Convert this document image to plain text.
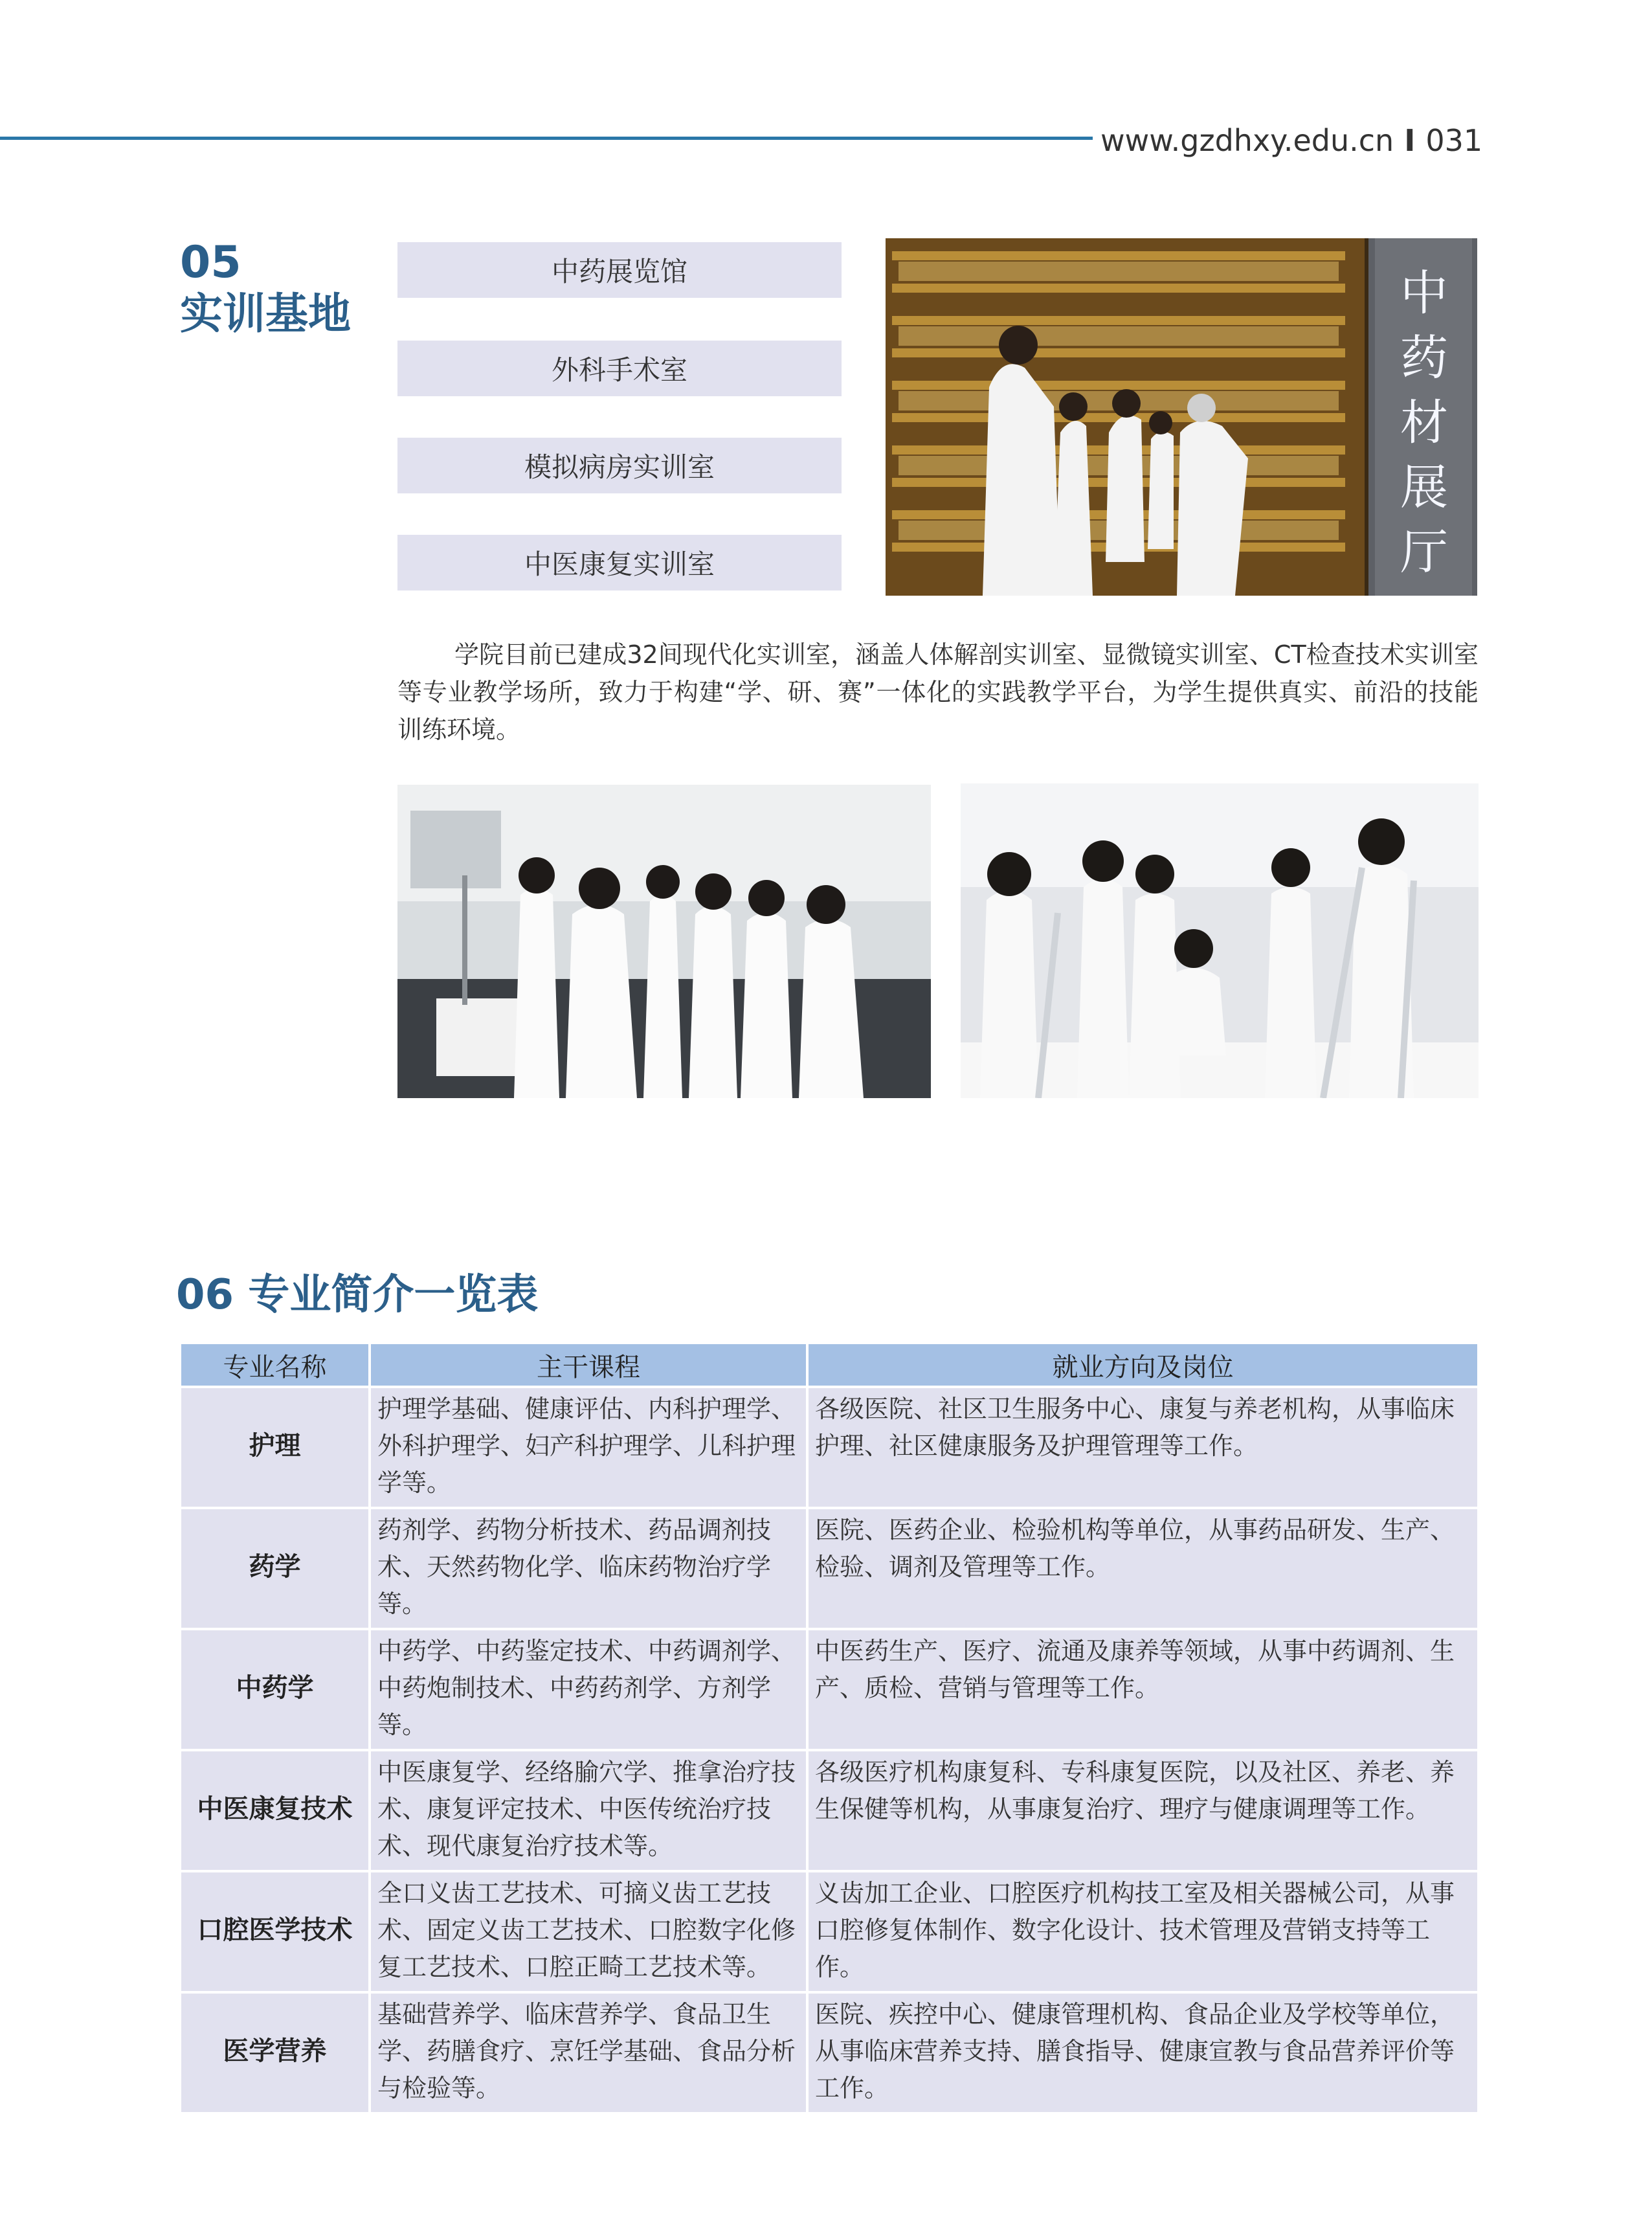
www.gzdhxy.edu.cn I 031
05
实训基地
中药展览馆
外科手术室
模拟病房实训室
中医康复实训室
中
药
材
展
厅
学院目前已建成32间现代化实训室，涵盖人体解剖实训室、显微镜实训室、CT检查技术实训室等专业教学场所，致力于构建“学、研、赛”一体化的实践教学平台，为学生提供真实、前沿的技能训练环境。
06 专业简介一览表
专业名称	主干课程	就业方向及岗位
护理	护理学基础、健康评估、内科护理学、外科护理学、妇产科护理学、儿科护理学等。	各级医院、社区卫生服务中心、康复与养老机构，从事临床护理、社区健康服务及护理管理等工作。
药学	药剂学、药物分析技术、药品调剂技术、天然药物化学、临床药物治疗学等。	医院、医药企业、检验机构等单位，从事药品研发、生产、检验、调剂及管理等工作。
中药学	中药学、中药鉴定技术、中药调剂学、中药炮制技术、中药药剂学、方剂学等。	中医药生产、医疗、流通及康养等领域，从事中药调剂、生产、质检、营销与管理等工作。
中医康复技术	中医康复学、经络腧穴学、推拿治疗技术、康复评定技术、中医传统治疗技术、现代康复治疗技术等。	各级医疗机构康复科、专科康复医院，以及社区、养老、养生保健等机构，从事康复治疗、理疗与健康调理等工作。
口腔医学技术	全口义齿工艺技术、可摘义齿工艺技术、固定义齿工艺技术、口腔数字化修复工艺技术、口腔正畸工艺技术等。	义齿加工企业、口腔医疗机构技工室及相关器械公司，从事口腔修复体制作、数字化设计、技术管理及营销支持等工作。
医学营养	基础营养学、临床营养学、食品卫生学、药膳食疗、烹饪学基础、食品分析与检验等。	医院、疾控中心、健康管理机构、食品企业及学校等单位，从事临床营养支持、膳食指导、健康宣教与食品营养评价等工作。
